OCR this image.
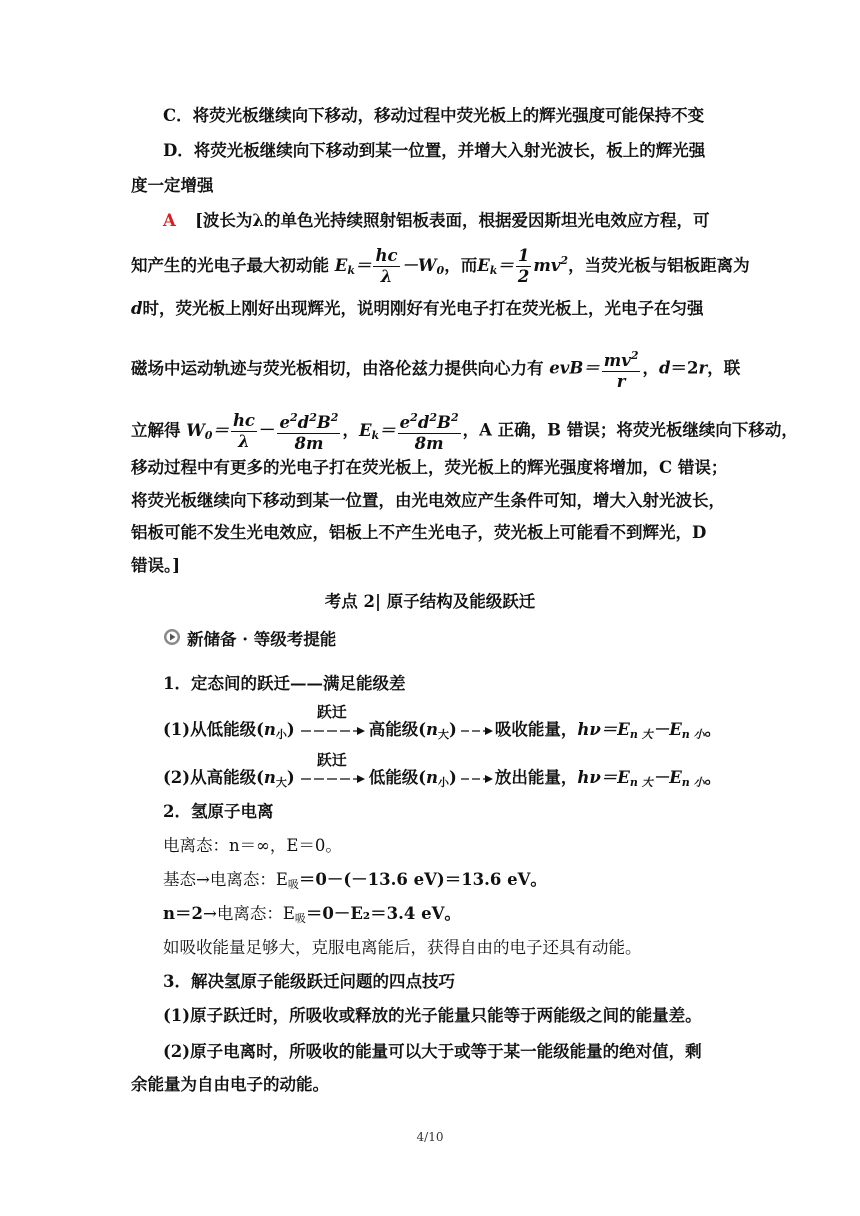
C．将荧光板继续向下移动，移动过程中荧光板上的辉光强度可能保持不变
D．将荧光板继续向下移动到某一位置，并增大入射光波长，板上的辉光强
度一定增强
A [波长为λ的单色光持续照射铝板表面，根据爱因斯坦光电效应方程，可
知产生的光电子最大初动能 $E_k= \frac{hc}{\lambda} -W_0$，而$E_k= \frac{1}{2} mv^2$，当荧光板与铝板距离为
d时，荧光板上刚好出现辉光，说明刚好有光电子打在荧光板上，光电子在匀强
磁场中运动轨迹与荧光板相切，由洛伦兹力提供向心力有 $evB= \frac{mv^2}{r}$ ，d＝2r，联
立解得 $W_0= \frac{hc}{\lambda} - \frac{e^2d^2B^2}{8m}$ ，$E_k= \frac{e^2d^2B^2}{8m}$ ，A 正确，B 错误；将荧光板继续向下移动，
移动过程中有更多的光电子打在荧光板上，荧光板上的辉光强度将增加，C 错误；
将荧光板继续向下移动到某一位置，由光电效应产生条件可知，增大入射光波长，
铝板可能不发生光电效应，铝板上不产生光电子，荧光板上可能看不到辉光，D
错误。]
考点 2| 原子结构及能级跃迁
新储备 · 等级考提能
1．定态间的跃迁——满足能级差
(1)从低能级$(n_小)$
跃迁
高能级$(n_大)$ 吸收能量，$h\nu=E_{n 大}-E_{n 小}$。
(2)从高能级$(n_大)$
跃迁
低能级$(n_小)$ 放出能量，$h\nu=E_{n 大}-E_{n 小}$。
2．氢原子电离
电离态：n＝∞，E＝0。
基态→电离态：$E_吸=0-(-13.6$ eV)＝13.6 eV。
n＝2→电离态：$E_吸=0-E_2=3.4$ eV。
如吸收能量足够大，克服电离能后，获得自由的电子还具有动能。
3．解决氢原子能级跃迁问题的四点技巧
(1)原子跃迁时，所吸收或释放的光子能量只能等于两能级之间的能量差。
(2)原子电离时，所吸收的能量可以大于或等于某一能级能量的绝对值，剩
余能量为自由电子的动能。
4/10
